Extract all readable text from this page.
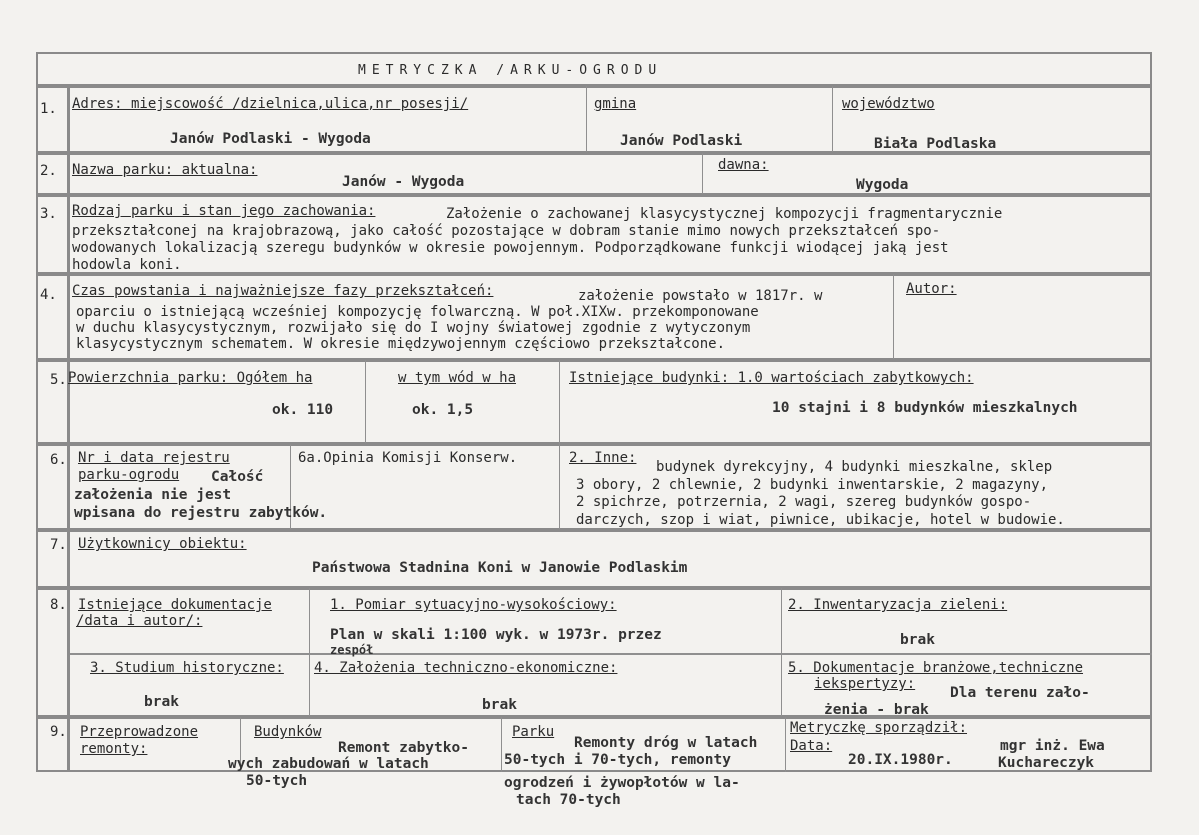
METRYCZKA /ARKU-OGRODU
1. Adres: miejscowość /dzielnica,ulica,nr posesji/
Janów Podlaski - Wygoda
gmina
Janów Podlaski
województwo
Biała Podlaska
2. Nazwa parku: aktualna:
Janów - Wygoda
dawna:
Wygoda
3. Rodzaj parku i stan jego zachowania:	Założenie o zachowanej klasycystycznej kompozycji fragmentarycznie
przekształconej na krajobrazową, jako całość pozostające w dobram stanie mimo nowych przekształceń spo-
wodowanych lokalizacją szeregu budynków w okresie powojennym. Podporządkowane funkcji wiodącej jaką jest
hodowla koni.
4. Czas powstania i najważniejsze fazy przekształceń:	założenie powstało w 1817r. w
oparciu o istniejącą wcześniej kompozycję folwarczną. W poł.XIXw. przekomponowane
w duchu klasycystycznym, rozwijało się do I wojny światowej zgodnie z wytyczonym
klasycystycznym schematem. W okresie międzywojennym częściowo przekształcone.
Autor:
5. Powierzchnia parku: Ogółem ha
ok. 110
w tym wód w ha
ok. 1,5
Istniejące budynki: 1.0 wartościach zabytkowych:
10 stajni i 8 budynków mieszkalnych
6. Nr i data rejestru
parku-ogrodu Całość
założenia nie jest
wpisana do rejestru zabytków.
6a.Opinia Komisji Konserw.	2. Inne:
budynek dyrekcyjny, 4 budynki mieszkalne, sklep
3 obory, 2 chlewnie, 2 budynki inwentarskie, 2 magazyny,
2 spichrze, potrzernia, 2 wagi, szereg budynków gospo-
darczych, szop i wiat, piwnice, ubikacje, hotel w budowie.
7. Użytkownicy obiektu:
Państwowa Stadnina Koni w Janowie Podlaskim
8. Istniejące dokumentacje
/data i autor/:
1. Pomiar sytuacyjno-wysokościowy:
Plan w skali 1:100 wyk. w 1973r. przez
zespół
2. Inwentaryzacja zieleni:
brak
3. Studium historyczne:
brak
4. Założenia techniczno-ekonomiczne:
brak
5. Dokumentacje branżowe,techniczne
iekspertyzy:
Dla terenu zało-
żenia - brak
9. Przeprowadzone
remonty:
Budynków
Remont zabytko-
wych zabudowań w latach
50-tych
Parku
Remonty dróg w latach
50-tych i 70-tych, remonty
ogrodzeń i żywopłotów w la-
tach 70-tych
Metryczkę sporządził:
Data:
20.IX.1980r.
mgr inż. Ewa
Kuchareczyk
